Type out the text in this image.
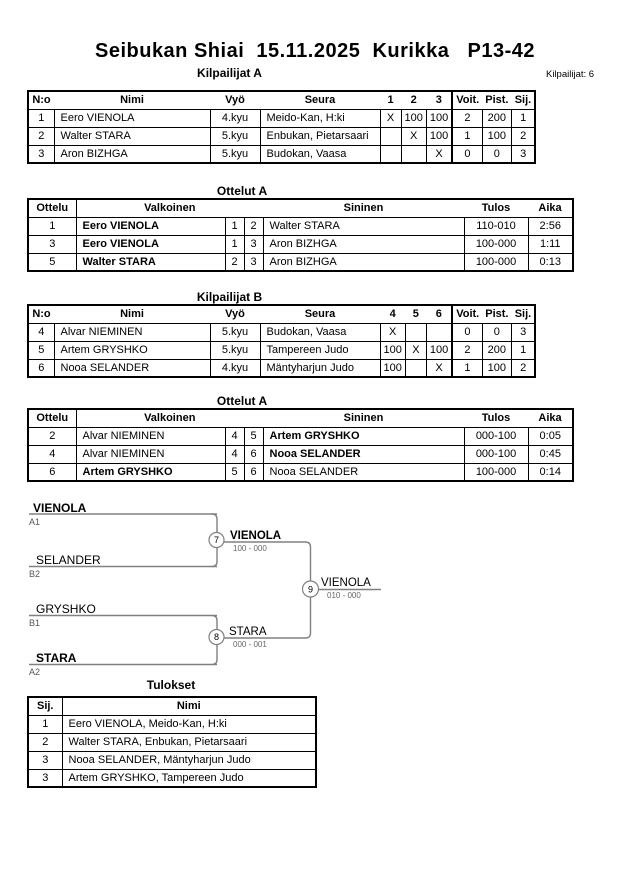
Seibukan Shiai  15.11.2025  Kurikka   P13-42
Kilpailijat: 6
Kilpailijat A
N:o	Nimi	Vyö	Seura	1	2	3	Voit.	Pist.	Sij.
1	Eero VIENOLA	4.kyu	Meido-Kan, H:ki	X	100	100	2	200	1
2	Walter STARA	5.kyu	Enbukan, Pietarsaari		X	100	1	100	2
3	Aron BIZHGA	5.kyu	Budokan, Vaasa			X	0	0	3
Ottelut A
Ottelu	Valkoinen			Sininen	Tulos	Aika
1	Eero VIENOLA	1	2	Walter STARA	110-010	2:56
3	Eero VIENOLA	1	3	Aron BIZHGA	100-000	1:11
5	Walter STARA	2	3	Aron BIZHGA	100-000	0:13
Kilpailijat B
N:o	Nimi	Vyö	Seura	4	5	6	Voit.	Pist.	Sij.
4	Alvar NIEMINEN	5.kyu	Budokan, Vaasa	X			0	0	3
5	Artem GRYSHKO	5.kyu	Tampereen Judo	100	X	100	2	200	1
6	Nooa SELANDER	4.kyu	Mäntyharjun Judo	100		X	1	100	2
Ottelut A
Ottelu	Valkoinen			Sininen	Tulos	Aika
2	Alvar NIEMINEN	4	5	Artem GRYSHKO	000-100	0:05
4	Alvar NIEMINEN	4	6	Nooa SELANDER	000-100	0:45
6	Artem GRYSHKO	5	6	Nooa SELANDER	100-000	0:14
VIENOLA
A1
SELANDER
B2
GRYSHKO
B1
STARA
A2
7 VIENOLA
100 - 000
8 STARA
000 - 001
9
VIENOLA
010 - 000
Tulokset
Sij.	Nimi
1	Eero VIENOLA, Meido-Kan, H:ki
2	Walter STARA, Enbukan, Pietarsaari
3	Nooa SELANDER, Mäntyharjun Judo
3	Artem GRYSHKO, Tampereen Judo
